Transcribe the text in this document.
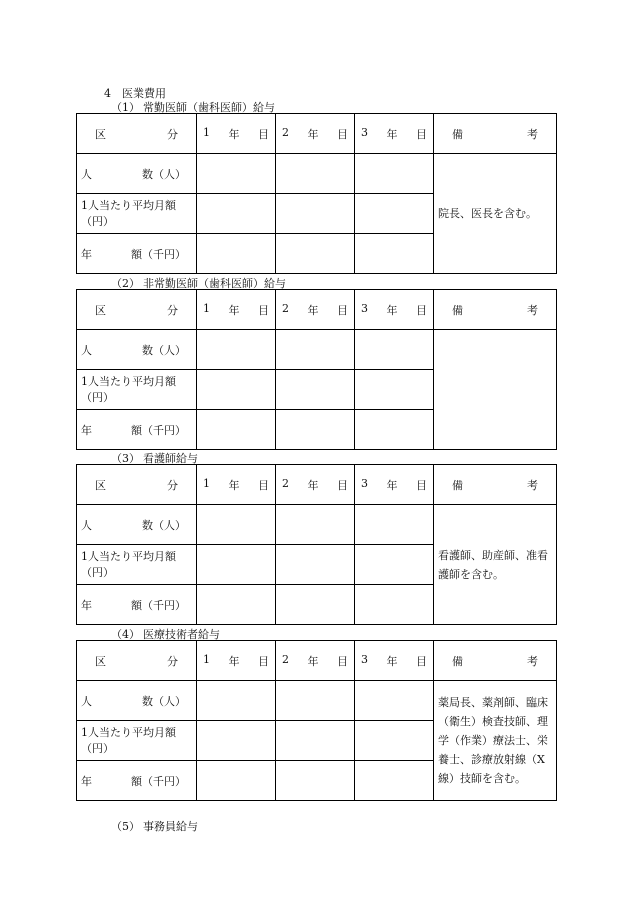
4　医業費用
（1） 常勤医師（歯科医師）給与
区 分	1 年 目	2 年 目	3 年 目	備 考

人 数（人）				院長、医長を含む。

1人当たり平均月額（円）				

年 額（千円）				

（2） 非常勤医師（歯科医師）給与
区 分	1 年 目	2 年 目	3 年 目	備 考

人 数（人）				

1人当たり平均月額（円）				

年 額（千円）				

（3） 看護師給与
区 分	1 年 目	2 年 目	3 年 目	備 考

人 数（人）				看護師、助産師、准看護師を含む。

1人当たり平均月額（円）				

年 額（千円）				

（4） 医療技術者給与
区 分	1 年 目	2 年 目	3 年 目	備 考

人 数（人）				薬局長、薬剤師、臨床（衛生）検査技師、理学（作業）療法士、栄養士、診療放射線（X線）技師を含む。

1人当たり平均月額（円）				

年 額（千円）				

（5） 事務員給与
